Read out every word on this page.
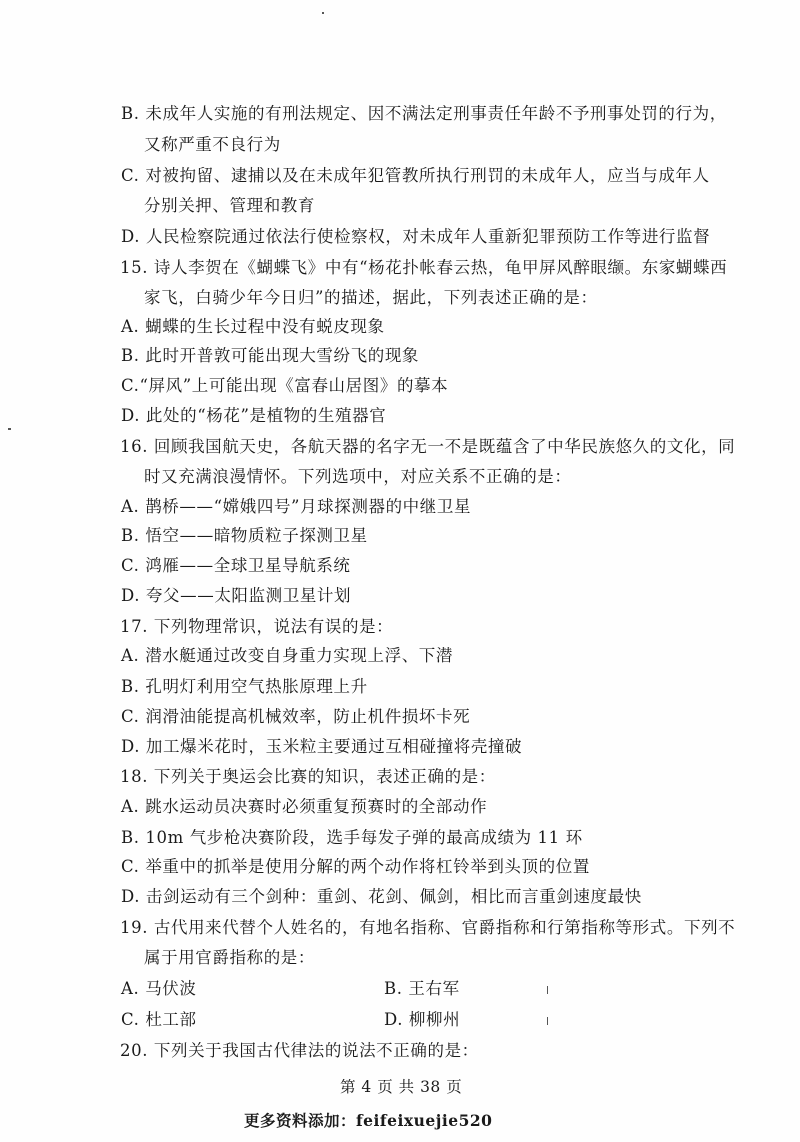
B. 未成年人实施的有刑法规定、因不满法定刑事责任年龄不予刑事处罚的行为，
又称严重不良行为
C. 对被拘留、逮捕以及在未成年犯管教所执行刑罚的未成年人，应当与成年人
分别关押、管理和教育
D. 人民检察院通过依法行使检察权，对未成年人重新犯罪预防工作等进行监督
15. 诗人李贺在《蝴蝶飞》中有“杨花扑帐春云热，龟甲屏风醉眼缬。东家蝴蝶西
家飞，白骑少年今日归”的描述，据此，下列表述正确的是：
A. 蝴蝶的生长过程中没有蜕皮现象
B. 此时开普敦可能出现大雪纷飞的现象
C.“屏风”上可能出现《富春山居图》的摹本
D. 此处的“杨花”是植物的生殖器官
16. 回顾我国航天史，各航天器的名字无一不是既蕴含了中华民族悠久的文化，同
时又充满浪漫情怀。下列选项中，对应关系不正确的是：
A. 鹊桥——“嫦娥四号”月球探测器的中继卫星
B. 悟空——暗物质粒子探测卫星
C. 鸿雁——全球卫星导航系统
D. 夸父——太阳监测卫星计划
17. 下列物理常识，说法有误的是：
A. 潜水艇通过改变自身重力实现上浮、下潜
B. 孔明灯利用空气热胀原理上升
C. 润滑油能提高机械效率，防止机件损坏卡死
D. 加工爆米花时，玉米粒主要通过互相碰撞将壳撞破
18. 下列关于奥运会比赛的知识，表述正确的是：
A. 跳水运动员决赛时必须重复预赛时的全部动作
B. 10m 气步枪决赛阶段，选手每发子弹的最高成绩为 11 环
C. 举重中的抓举是使用分解的两个动作将杠铃举到头顶的位置
D. 击剑运动有三个剑种：重剑、花剑、佩剑，相比而言重剑速度最快
19. 古代用来代替个人姓名的，有地名指称、官爵指称和行第指称等形式。下列不
属于用官爵指称的是：
A. 马伏波	B. 王右军
C. 杜工部	D. 柳柳州
20. 下列关于我国古代律法的说法不正确的是：
第 4 页 共 38 页
更多资料添加：feifeixuejie520
